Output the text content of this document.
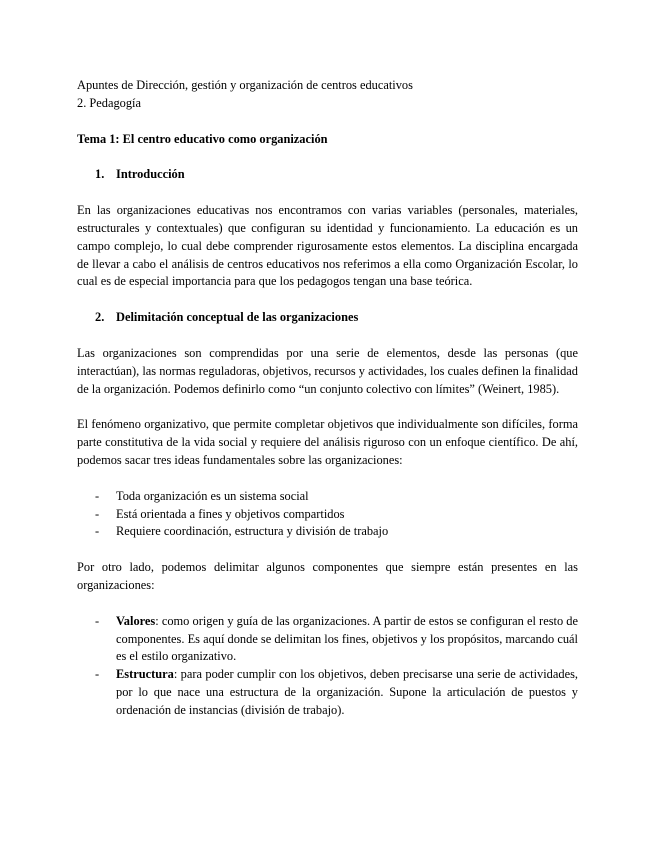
Apuntes de Dirección, gestión y organización de centros educativos

2. Pedagogía

Tema 1: El centro educativo como organización

1. Introducción

En las organizaciones educativas nos encontramos con varias variables (personales, materiales, estructurales y contextuales) que configuran su identidad y funcionamiento. La educación es un campo complejo, lo cual debe comprender rigurosamente estos elementos. La disciplina encargada de llevar a cabo el análisis de centros educativos nos referimos a ella como Organización Escolar, lo cual es de especial importancia para que los pedagogos tengan una base teórica.

2. Delimitación conceptual de las organizaciones

Las organizaciones son comprendidas por una serie de elementos, desde las personas (que interactúan), las normas reguladoras, objetivos, recursos y actividades, los cuales definen la finalidad de la organización. Podemos definirlo como “un conjunto colectivo con límites” (Weinert, 1985).

El fenómeno organizativo, que permite completar objetivos que individualmente son difíciles, forma parte constitutiva de la vida social y requiere del análisis riguroso con un enfoque científico. De ahí, podemos sacar tres ideas fundamentales sobre las organizaciones:

- Toda organización es un sistema social
- Está orientada a fines y objetivos compartidos
- Requiere coordinación, estructura y división de trabajo

Por otro lado, podemos delimitar algunos componentes que siempre están presentes en las organizaciones:

- Valores: como origen y guía de las organizaciones. A partir de estos se configuran el resto de componentes. Es aquí donde se delimitan los fines, objetivos y los propósitos, marcando cuál es el estilo organizativo.
- Estructura: para poder cumplir con los objetivos, deben precisarse una serie de actividades, por lo que nace una estructura de la organización. Supone la articulación de puestos y ordenación de instancias (división de trabajo).
